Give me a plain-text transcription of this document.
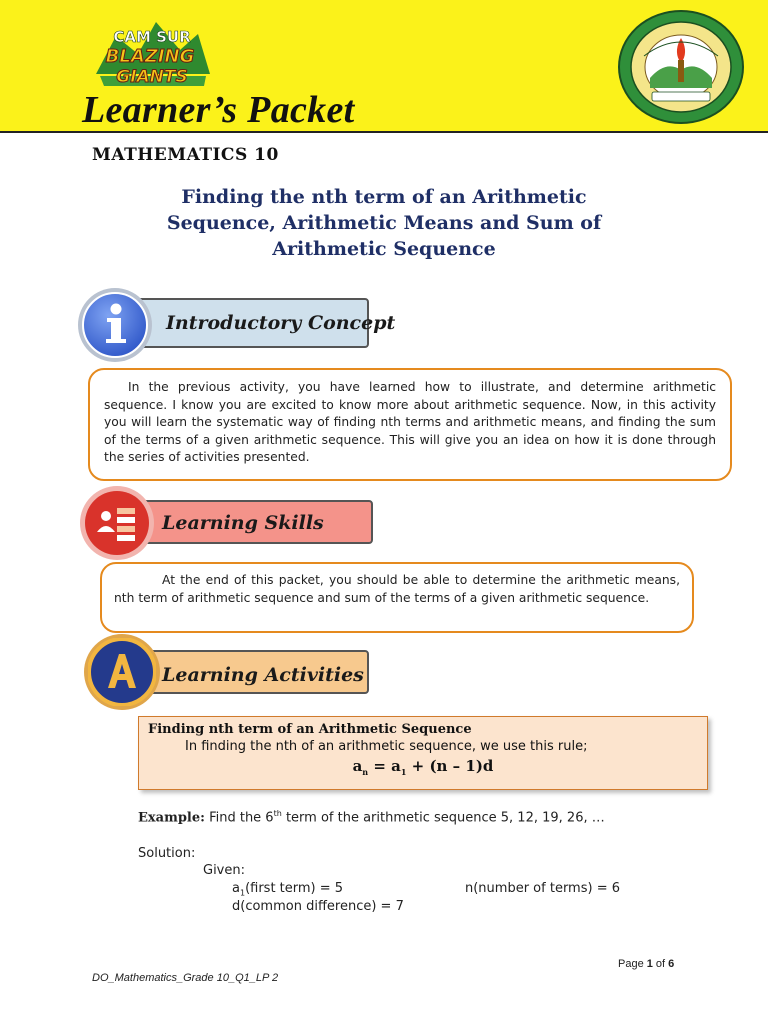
CAM SUR
BLAZING
GIANTS
Learner’s Packet
MATHEMATICS 10
Finding the nth term of an Arithmetic
Sequence, Arithmetic Means and Sum of
Arithmetic Sequence
Introductory Concept

In the previous activity, you have learned how to illustrate, and determine arithmetic sequence. I know you are excited to know more about arithmetic sequence. Now, in this activity you will learn the systematic way of finding nth terms and arithmetic means, and finding the sum of the terms of a given arithmetic sequence. This will give you an idea on how it is done through the series of activities presented.

Learning Skills

At the end of this packet, you should be able to determine the arithmetic means, nth term of arithmetic sequence and sum of the terms of a given arithmetic sequence.

Learning Activities
Finding nth term of an Arithmetic Sequence
In finding the nth of an arithmetic sequence, we use this rule;
$a_n = a_1 + (n - 1)d$
Example: Find the 6th term of the arithmetic sequence 5, 12, 19, 26, …
Solution:
Given:
$a_1(first$ term) = 5	n(number of terms) = 6
d(common difference) = 7
Page 1 of 6
DO_Mathematics_Grade 10_Q1_LP 2
